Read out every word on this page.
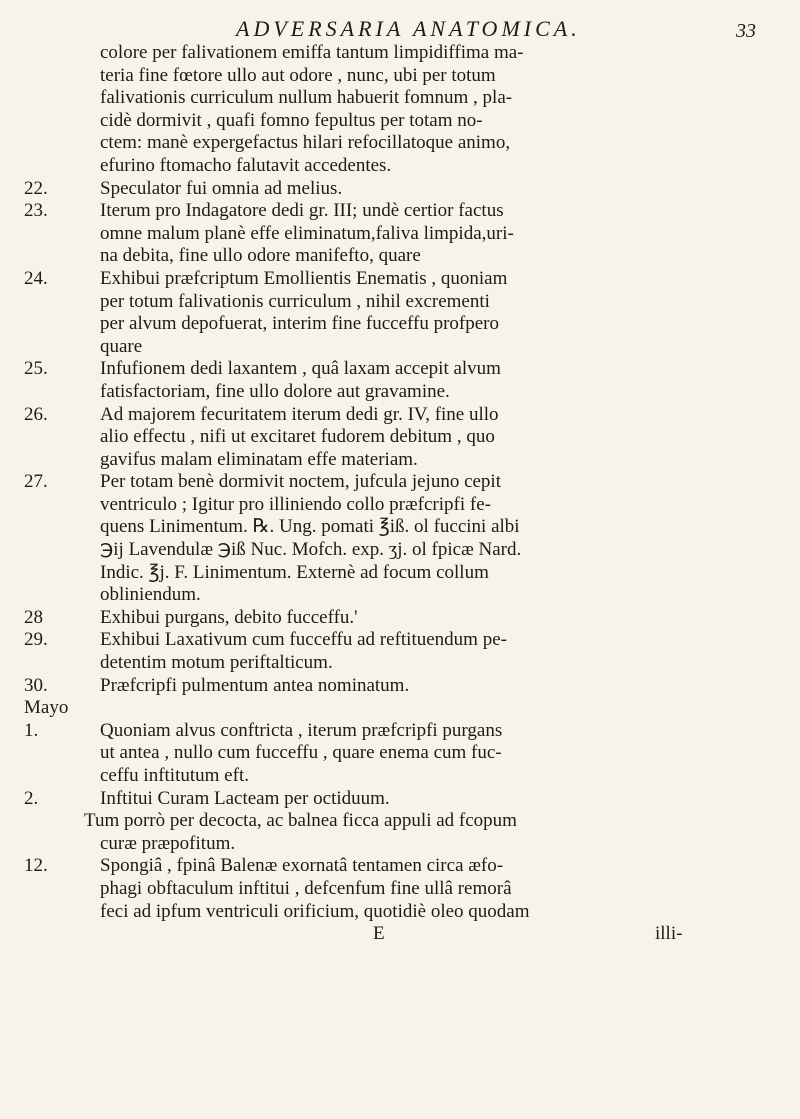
ADVERSARIA ANATOMICA.	33
colore per falivationem emiffa tantum limpidiffima ma-
teria fine fœtore ullo aut odore , nunc, ubi per totum
falivationis curriculum nullum habuerit fomnum , pla-
cidè dormivit , quafi fomno fepultus per totam no-
ctem: manè expergefactus hilari refocillatoque animo,
efurino ftomacho falutavit accedentes.
22.	Speculator fui omnia ad melius.
23.	Iterum pro Indagatore dedi gr. III; undè certior factus
omne malum planè effe eliminatum,faliva limpida,uri-
na debita, fine ullo odore manifefto, quare
24.	Exhibui præfcriptum Emollientis Enematis , quoniam
per totum falivationis curriculum , nihil excrementi
per alvum depofuerat, interim fine fucceffu profpero
quare
25.	Infufionem dedi laxantem , quâ laxam accepit alvum
fatisfactoriam, fine ullo dolore aut gravamine.
26.	Ad majorem fecuritatem iterum dedi gr. IV, fine ullo
alio effectu , nifi ut excitaret fudorem debitum , quo
gavifus malam eliminatam effe materiam.
27.	Per totam benè dormivit noctem, jufcula jejuno cepit
ventriculo ; Igitur pro illiniendo collo præfcripfi fe-
quens Linimentum. ℞. Ung. pomati ℥iß. ol fuccini albi
℈ij Lavendulæ ℈iß Nuc. Mofch. exp. ʒj. ol fpicæ Nard.
Indic. ℥j. F. Linimentum. Externè ad focum collum
obliniendum.
28	Exhibui purgans, debito fucceffu.'
29.	Exhibui Laxativum cum fucceffu ad reftituendum pe-
detentim motum periftalticum.
30.	Præfcripfi pulmentum antea nominatum.
Mayo
1.	Quoniam alvus conftricta , iterum præfcripfi purgans
ut antea , nullo cum fucceffu , quare enema cum fuc-
ceffu inftitutum eft.
2.	Inftitui Curam Lacteam per octiduum.
Tum porrò per decocta, ac balnea ficca appuli ad fcopum
curæ præpofitum.
12.	Spongiâ , fpinâ Balenæ exornatâ tentamen circa æfo-
phagi obftaculum inftitui , defcenfum fine ullâ remorâ
feci ad ipfum ventriculi orificium, quotidiè oleo quodam
E	illi-
